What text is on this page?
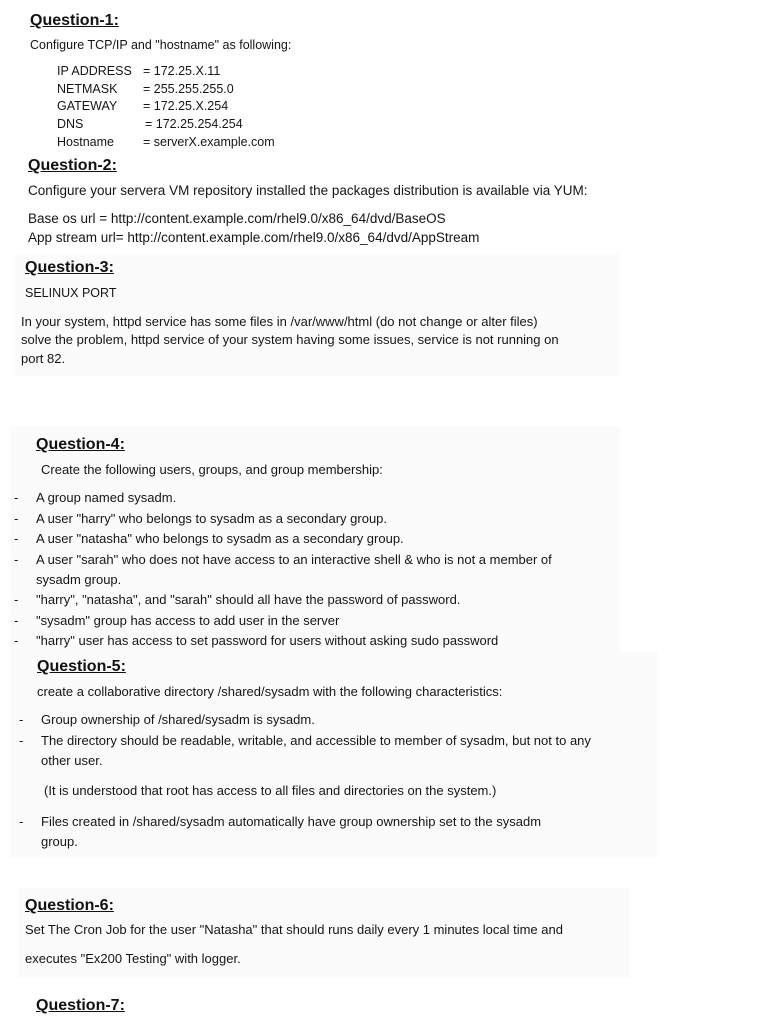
Question-1:

Configure TCP/IP and "hostname" as following:

IP ADDRESS = 172.25.X.11

NETMASK = 255.255.255.0

GATEWAY = 172.25.X.254

DNS	= 172.25.254.254

Hostname = serverX.example.com

Question-2:

Configure your servera VM repository installed the packages distribution is available via YUM:

Base os url = http://content.example.com/rhel9.0/x86_64/dvd/BaseOS

App stream url= http://content.example.com/rhel9.0/x86_64/dvd/AppStream

Question-3:

SELINUX PORT

In your system, httpd service has some files in /var/www/html (do not change or alter files)

solve the problem, httpd service of your system having some issues, service is not running on

port 82.

Question-4:

Create the following users, groups, and group membership:

- A group named sysadm.

- A user "harry" who belongs to sysadm as a secondary group.

- A user "natasha" who belongs to sysadm as a secondary group.

- A user "sarah" who does not have access to an interactive shell & who is not a member of

sysadm group.

- "harry", "natasha", and "sarah" should all have the password of password.

- "sysadm" group has access to add user in the server

- "harry" user has access to set password for users without asking sudo password

Question-5:

create a collaborative directory /shared/sysadm with the following characteristics:

- Group ownership of /shared/sysadm is sysadm.

- The directory should be readable, writable, and accessible to member of sysadm, but not to any

other user.

(It is understood that root has access to all files and directories on the system.)

- Files created in /shared/sysadm automatically have group ownership set to the sysadm

group.

Question-6:

Set The Cron Job for the user "Natasha" that should runs daily every 1 minutes local time and

executes "Ex200 Testing" with logger.

Question-7:
